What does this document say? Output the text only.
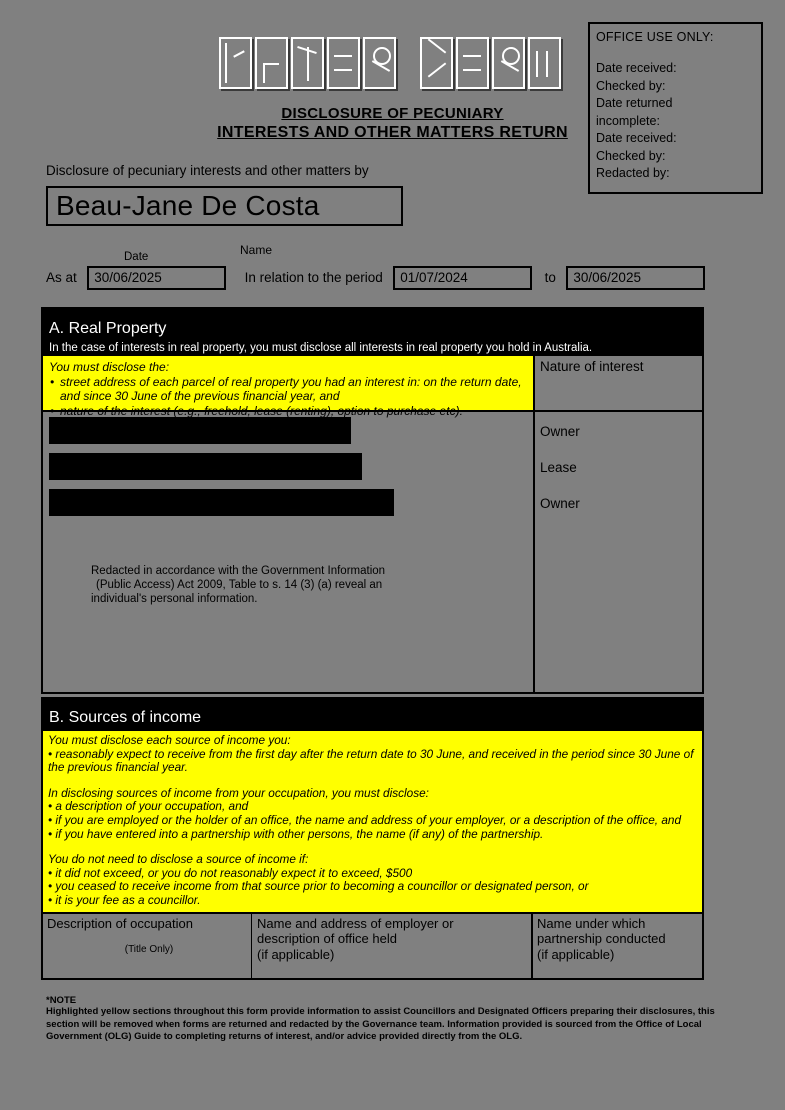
OFFICE USE ONLY:
Date received:
Checked by:
Date returned
incomplete:
Date received:
Checked by:
Redacted by:
DISCLOSURE OF PECUNIARY
INTERESTS AND OTHER MATTERS RETURN
Disclosure of pecuniary interests and other matters by
Beau-Jane De Costa
Name
Date
As at 30/06/2025	In relation to the period 01/07/2024	to 30/06/2025
A. Real Property
In the case of interests in real property, you must disclose all interests in real property you hold in Australia.
You must disclose the:
• street address of each parcel of real property you had an interest in: on the return date, and since 30 June of the previous financial year, and
• nature of the interest (e.g., freehold, lease (renting), option to purchase etc).
Nature of interest
Redacted in accordance with the Government Information
(Public Access) Act 2009, Table to s. 14 (3) (a) reveal an
individual's personal information.
Owner
Lease
Owner
B. Sources of income

You must disclose each source of income you:

• reasonably expect to receive from the first day after the return date to 30 June, and received in the period since 30 June of the previous financial year.

In disclosing sources of income from your occupation, you must disclose:

• a description of your occupation, and

• if you are employed or the holder of an office, the name and address of your employer, or a description of the office, and

• if you have entered into a partnership with other persons, the name (if any) of the partnership.

You do not need to disclose a source of income if:

• it did not exceed, or you do not reasonably expect it to exceed, $500

• you ceased to receive income from that source prior to becoming a councillor or designated person, or

• it is your fee as a councillor.

Description of occupation
(Title Only)
Name and address of employer or
description of office held
(if applicable)
Name under which
partnership conducted
(if applicable)
*NOTE
Highlighted yellow sections throughout this form provide information to assist Councillors and Designated Officers preparing their disclosures, this section will be removed when forms are returned and redacted by the Governance team. Information provided is sourced from the Office of Local Government (OLG) Guide to completing returns of interest, and/or advice provided directly from the OLG.
